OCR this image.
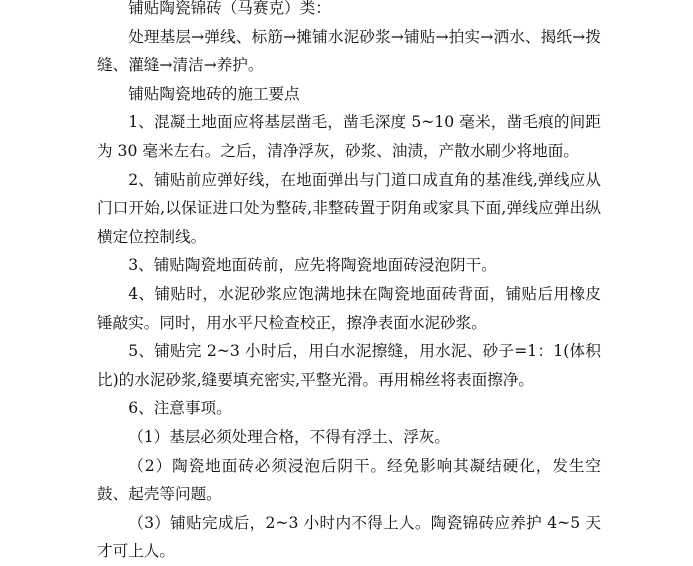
铺贴陶瓷锦砖（马赛克）类：

处理基层→弹线、标筋→摊铺水泥砂浆→铺贴→拍实→洒水、揭纸→拨缝、灌缝→清洁→养护。

铺贴陶瓷地砖的施工要点

1、混凝土地面应将基层凿毛，凿毛深度 5~10 毫米，凿毛痕的间距为 30 毫米左右。之后，清净浮灰，砂浆、油渍，产散水刷少将地面。

2、铺贴前应弹好线，在地面弹出与门道口成直角的基准线,弹线应从门口开始,以保证进口处为整砖,非整砖置于阴角或家具下面,弹线应弹出纵横定位控制线。

3、铺贴陶瓷地面砖前，应先将陶瓷地面砖浸泡阴干。

4、铺贴时，水泥砂浆应饱满地抹在陶瓷地面砖背面，铺贴后用橡皮锤敲实。同时，用水平尺检查校正，擦净表面水泥砂浆。

5、铺贴完 2~3 小时后，用白水泥擦缝，用水泥、砂子=1：1(体积比)的水泥砂浆,缝要填充密实,平整光滑。再用棉丝将表面擦净。

6、注意事项。

（1）基层必须处理合格，不得有浮土、浮灰。

（2）陶瓷地面砖必须浸泡后阴干。经免影响其凝结硬化，发生空鼓、起壳等问题。

（3）铺贴完成后，2~3 小时内不得上人。陶瓷锦砖应养护 4~5 天才可上人。
